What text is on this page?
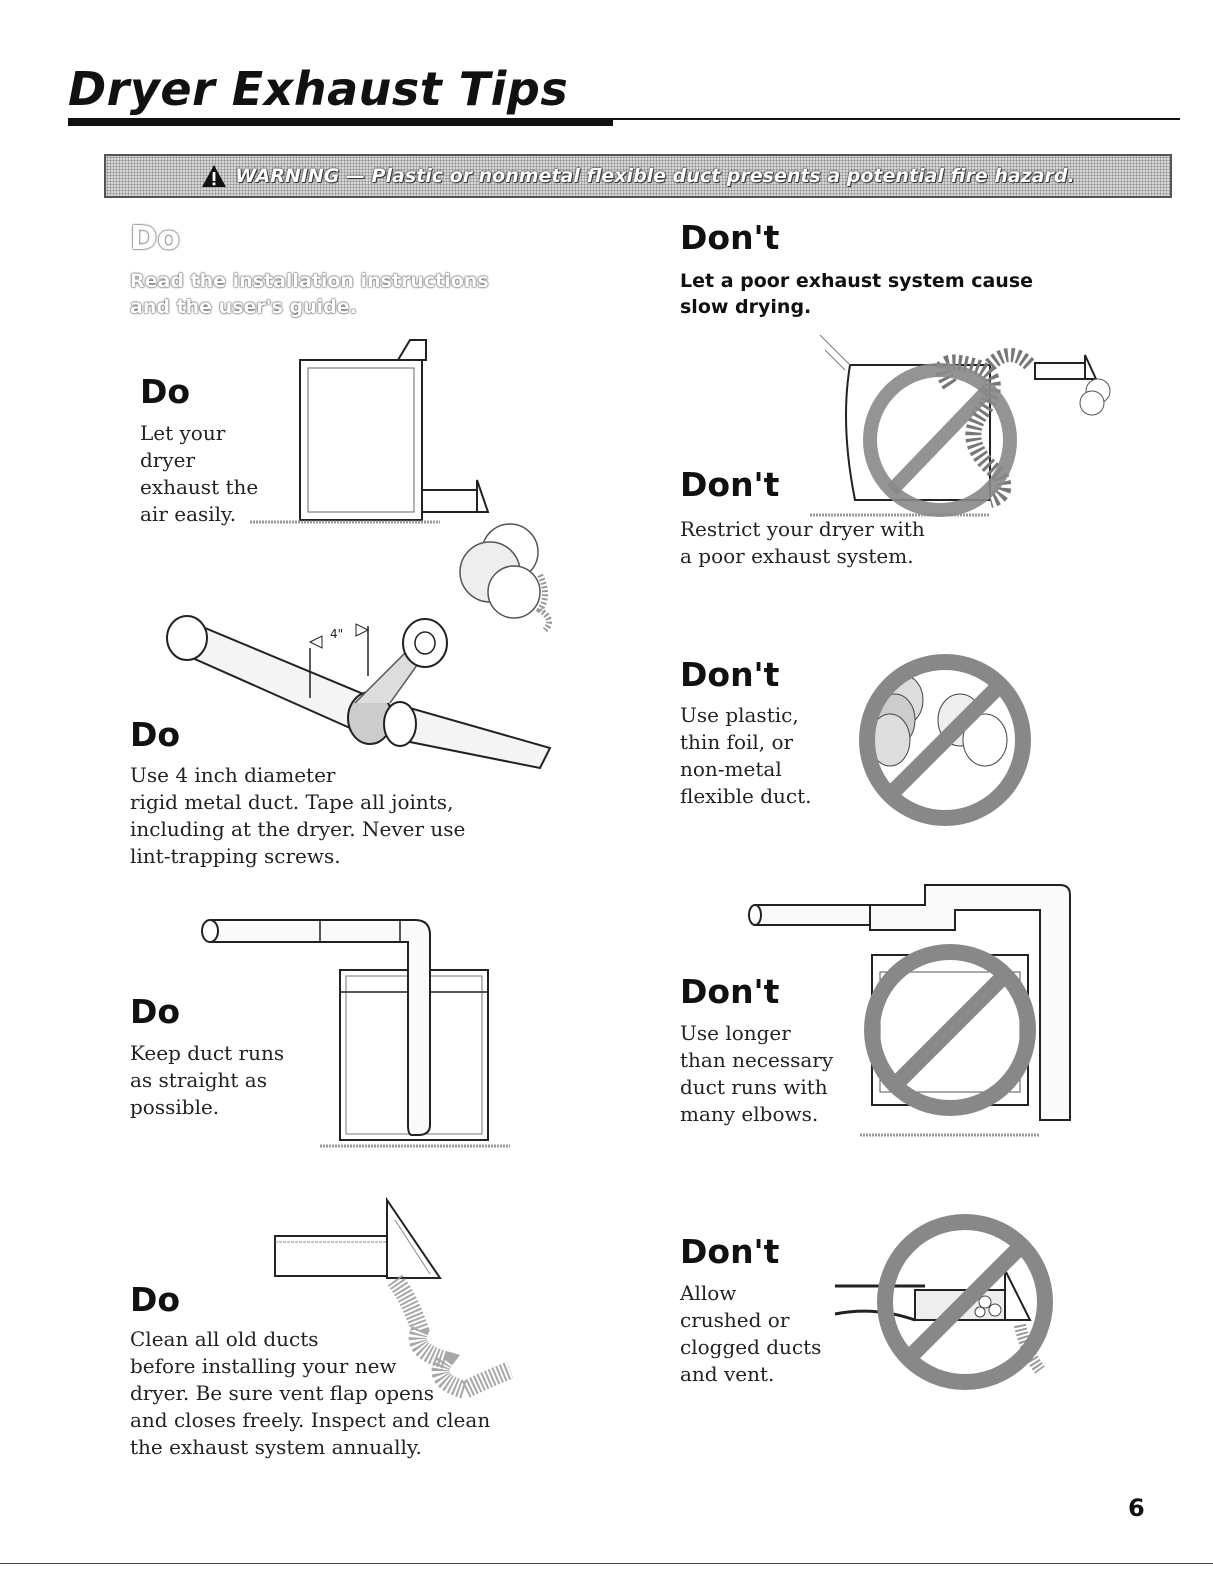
Dryer Exhaust Tips
WARNING — Plastic or nonmetal flexible duct presents a potential fire hazard.
Do
Read the installation instructions and the user's guide.
Don't
Let a poor exhaust system cause slow drying.
Do
Let your
dryer
exhaust the
air easily.
4"
Do
Use 4 inch diameter
rigid metal duct. Tape all joints,
including at the dryer. Never use
lint-trapping screws.
Do
Keep duct runs
as straight as
possible.
Do
Clean all old ducts
before installing your new
dryer. Be sure vent flap opens
and closes freely. Inspect and clean
the exhaust system annually.
Don't
Restrict your dryer with
a poor exhaust system.
Don't
Use plastic,
thin foil, or
non-metal
flexible duct.
Don't
Use longer
than necessary
duct runs with
many elbows.
Don't
Allow
crushed or
clogged ducts
and vent.
6
